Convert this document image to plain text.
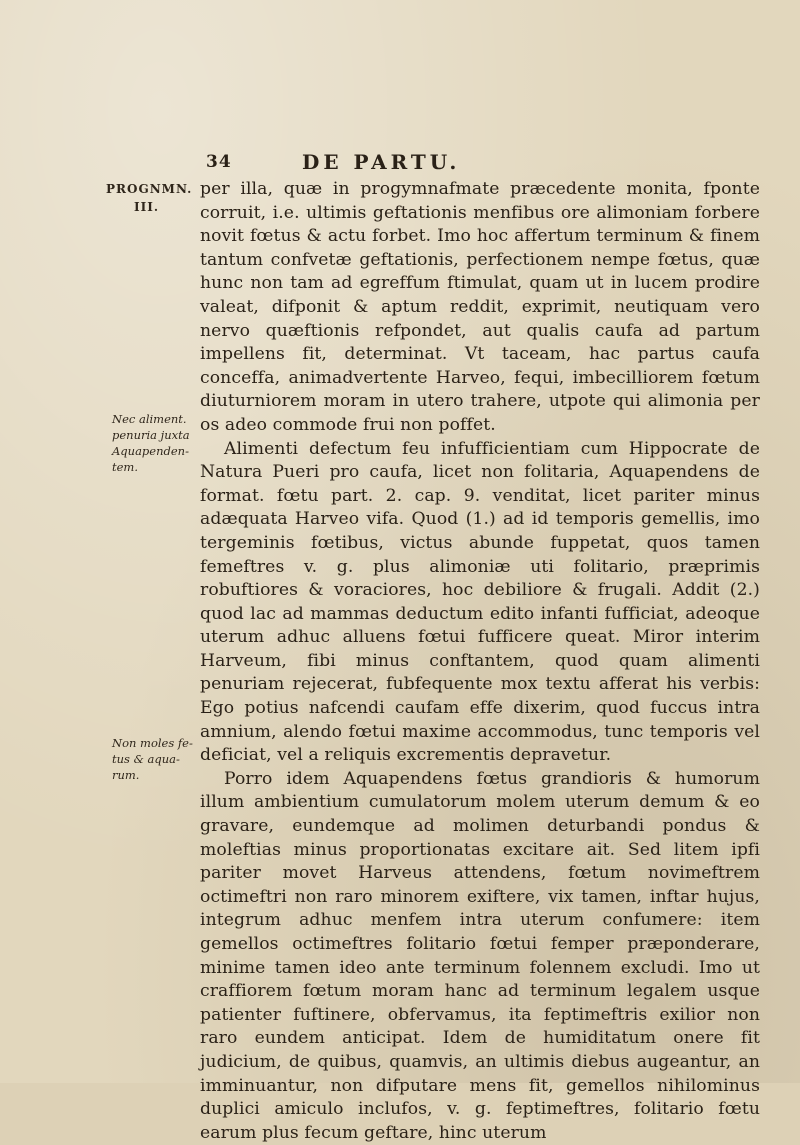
34	DE PARTU.
PROGNMN.
III.
Nec aliment.
penuria juxta
Aquapenden-
tem.
Non moles fe-
tus & aqua-
rum.

per illa, quæ in progymnafmate præcedente monita, fponte corruit, i.e. ultimis geftationis menfibus ore alimoniam forbere novit fœtus & actu forbet. Imo hoc affertum terminum & finem tantum confvetæ geftationis, perfectionem nempe fœtus, quæ hunc non tam ad egreffum ftimulat, quam ut in lucem prodire valeat, difponit & aptum reddit, exprimit, neutiquam vero nervo quæftionis refpondet, aut qualis caufa ad partum impellens fit, determinat. Vt taceam, hac partus caufa conceffa, animadvertente Harveo, fequi, imbecilliorem fœtum diuturniorem moram in utero trahere, utpote qui alimonia per os adeo commode frui non poffet.

Alimenti defectum feu infufficientiam cum Hippocrate de Natura Pueri pro caufa, licet non folitaria, Aquapendens de format. fœtu part. 2. cap. 9. venditat, licet pariter minus adæquata Harveo vifa. Quod (1.) ad id temporis gemellis, imo tergeminis fœtibus, victus abunde fuppetat, quos tamen femeftres v. g. plus alimoniæ uti folitario, præprimis robuftiores & voraciores, hoc debiliore & frugali. Addit (2.) quod lac ad mammas deductum edito infanti fufficiat, adeoque uterum adhuc alluens fœtui fufficere queat. Miror interim Harveum, fibi minus conftantem, quod quam alimenti penuriam rejecerat, fubfequente mox textu afferat his verbis: Ego potius nafcendi caufam effe dixerim, quod fuccus intra amnium, alendo fœtui maxime accommodus, tunc temporis vel deficiat, vel a reliquis excrementis depravetur.

Porro idem Aquapendens fœtus grandioris & humorum illum ambientium cumulatorum molem uterum demum & eo gravare, eundemque ad molimen deturbandi pondus & moleftias minus proportionatas excitare ait. Sed litem ipfi pariter movet Harveus attendens, fœtum novimeftrem octimeftri non raro minorem exiftere, vix tamen, inftar hujus, integrum adhuc menfem intra uterum confumere: item gemellos octimeftres folitario fœtui femper præponderare, minime tamen ideo ante terminum folennem excludi. Imo ut craffiorem fœtum moram hanc ad terminum legalem usque patienter fuftinere, obfervamus, ita feptimeftris exilior non raro eundem anticipat. Idem de humiditatum onere fit judicium, de quibus, quamvis, an ultimis diebus augeantur, an imminuantur, non difputare mens fit, gemellos nihilominus duplici amiculo inclufos, v. g. feptimeftres, folitario fœtu earum plus fecum geftare, hinc uterum
